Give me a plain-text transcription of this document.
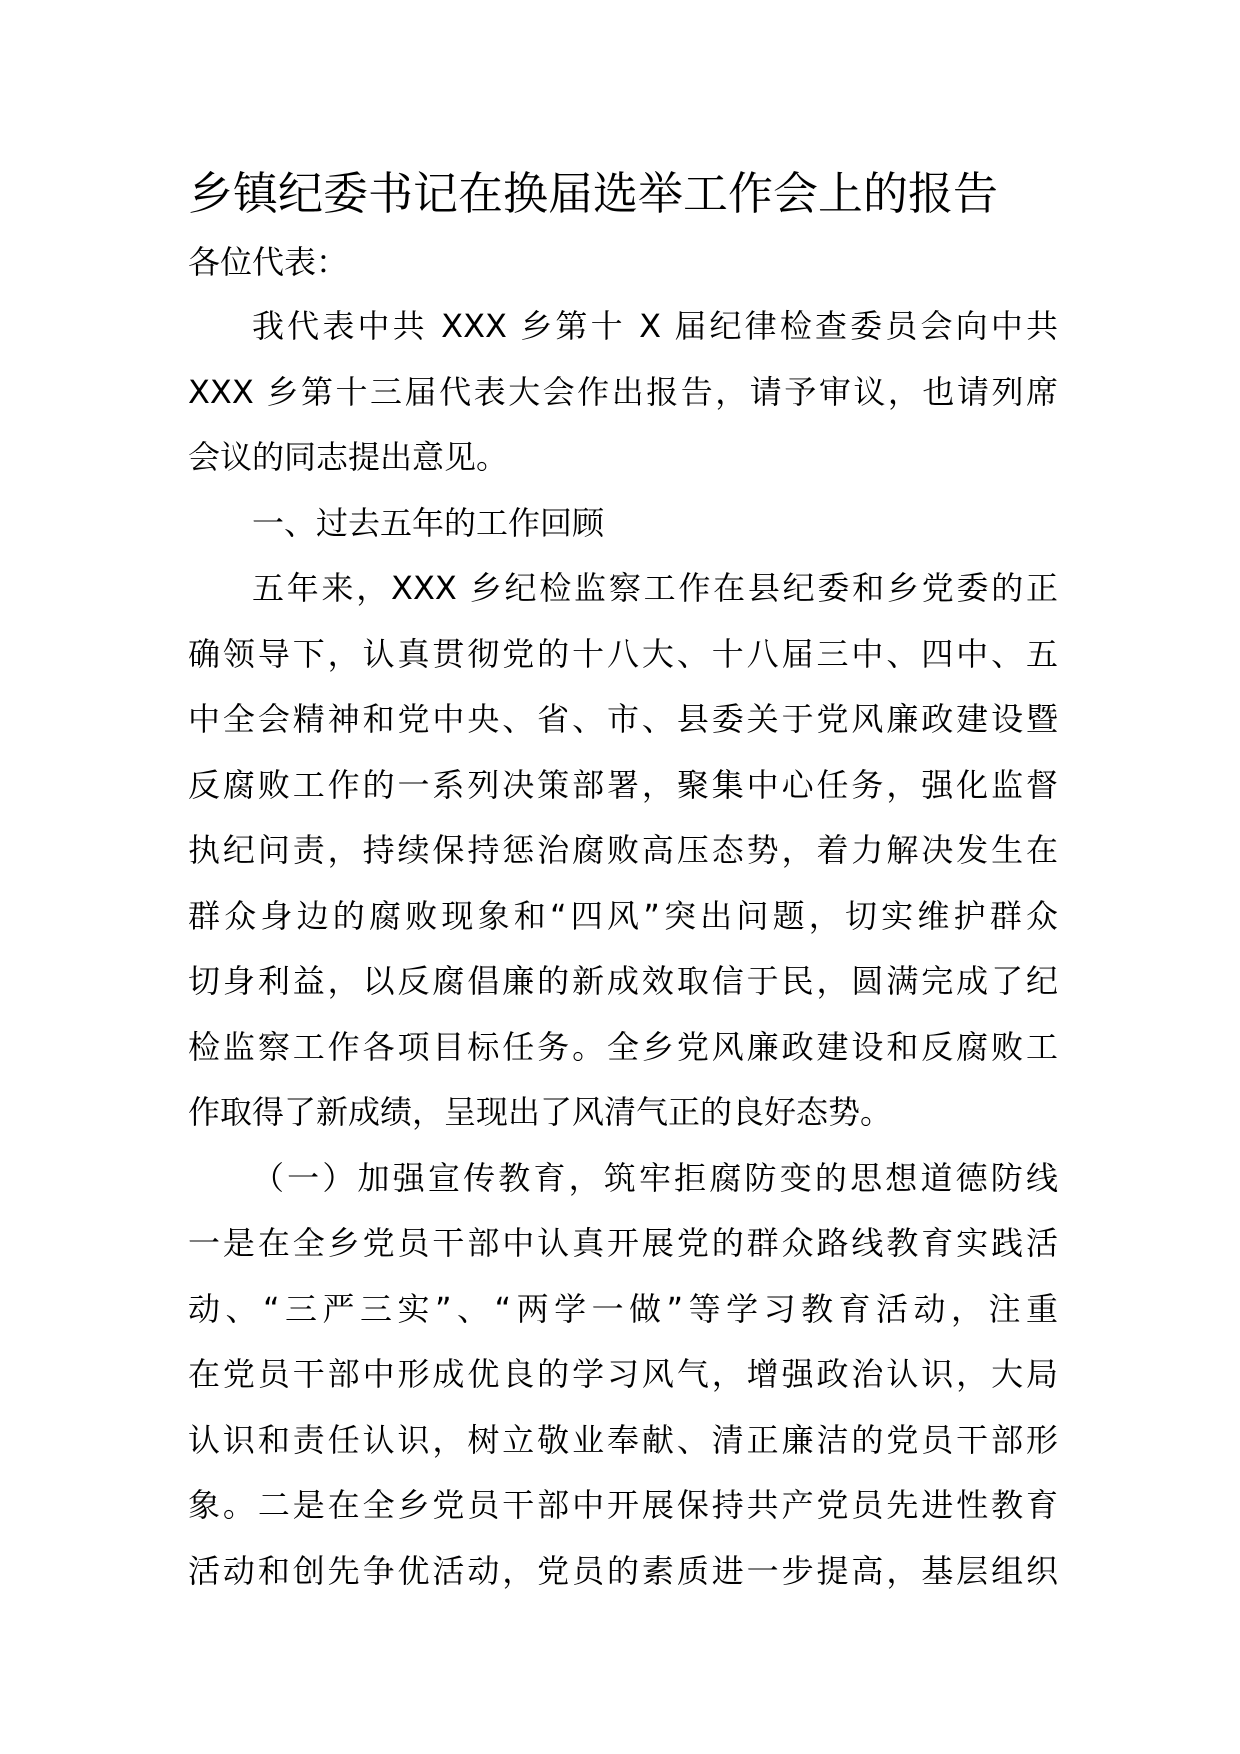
乡镇纪委书记在换届选举工作会上的报告

各位代表：

我代表中共 XXX 乡第十 X 届纪律检查委员会向中共
XXX 乡第十三届代表大会作出报告，请予审议，也请列席
会议的同志提出意见。
一、过去五年的工作回顾
五年来，XXX 乡纪检监察工作在县纪委和乡党委的正
确领导下，认真贯彻党的十八大、十八届三中、四中、五
中全会精神和党中央、省、市、县委关于党风廉政建设暨
反腐败工作的一系列决策部署，聚集中心任务，强化监督
执纪问责，持续保持惩治腐败高压态势，着力解决发生在
群众身边的腐败现象和“四风”突出问题，切实维护群众
切身利益，以反腐倡廉的新成效取信于民，圆满完成了纪
检监察工作各项目标任务。全乡党风廉政建设和反腐败工
作取得了新成绩，呈现出了风清气正的良好态势。
（一）加强宣传教育，筑牢拒腐防变的思想道德防线
一是在全乡党员干部中认真开展党的群众路线教育实践活
动、“三严三实”、“两学一做”等学习教育活动，注重
在党员干部中形成优良的学习风气，增强政治认识，大局
认识和责任认识，树立敬业奉献、清正廉洁的党员干部形
象。二是在全乡党员干部中开展保持共产党员先进性教育
活动和创先争优活动，党员的素质进一步提高，基层组织
